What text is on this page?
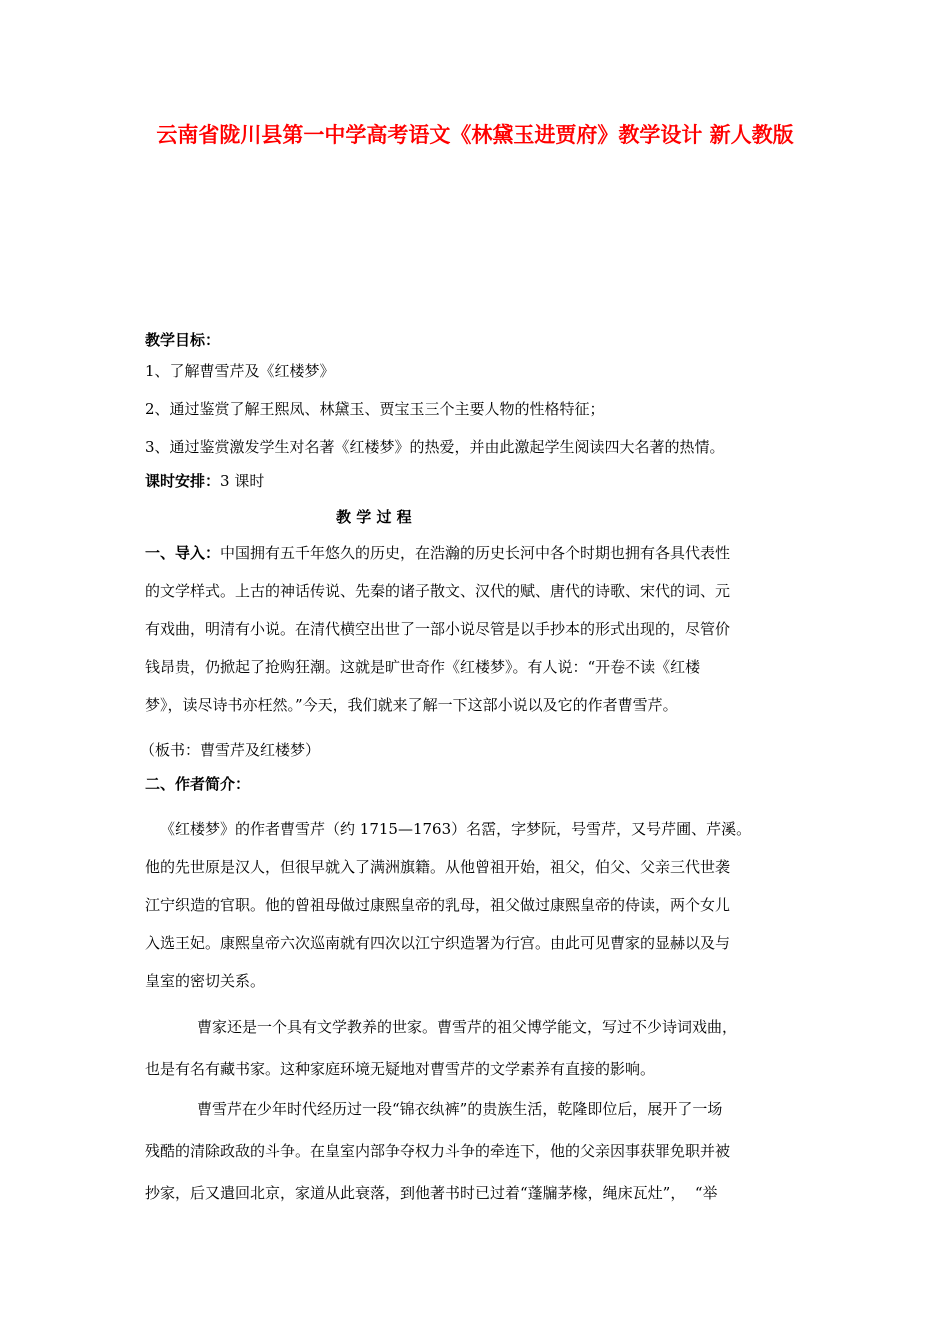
云南省陇川县第一中学高考语文《林黛玉进贾府》教学设计 新人教版

教学目标：

1、了解曹雪芹及《红楼梦》
2、通过鉴赏了解王熙凤、林黛玉、贾宝玉三个主要人物的性格特征；
3、通过鉴赏激发学生对名著《红楼梦》的热爱，并由此激起学生阅读四大名著的热情。

课时安排：3 课时

教 学 过 程

一、导入：中国拥有五千年悠久的历史，在浩瀚的历史长河中各个时期也拥有各具代表性
的文学样式。上古的神话传说、先秦的诸子散文、汉代的赋、唐代的诗歌、宋代的词、元
有戏曲，明清有小说。在清代横空出世了一部小说尽管是以手抄本的形式出现的，尽管价
钱昂贵，仍掀起了抢购狂潮。这就是旷世奇作《红楼梦》。有人说：“开卷不读《红楼
梦》，读尽诗书亦枉然。”今天，我们就来了解一下这部小说以及它的作者曹雪芹。

（板书：曹雪芹及红楼梦）

二、作者简介：

《红楼梦》的作者曹雪芹（约 1715—1763）名霑，字梦阮，号雪芹，又号芹圃、芹溪。
他的先世原是汉人，但很早就入了满洲旗籍。从他曾祖开始，祖父，伯父、父亲三代世袭
江宁织造的官职。他的曾祖母做过康熙皇帝的乳母，祖父做过康熙皇帝的侍读，两个女儿
入选王妃。康熙皇帝六次巡南就有四次以江宁织造署为行宫。由此可见曹家的显赫以及与
皇室的密切关系。
曹家还是一个具有文学教养的世家。曹雪芹的祖父博学能文，写过不少诗词戏曲，
也是有名有藏书家。这种家庭环境无疑地对曹雪芹的文学素养有直接的影响。
曹雪芹在少年时代经历过一段“锦衣纨裤”的贵族生活，乾隆即位后，展开了一场
残酷的清除政敌的斗争。在皇室内部争夺权力斗争的牵连下，他的父亲因事获罪免职并被
抄家，后又遣回北京，家道从此衰落，到他著书时已过着“蓬牖茅椽，绳床瓦灶”，  “举
